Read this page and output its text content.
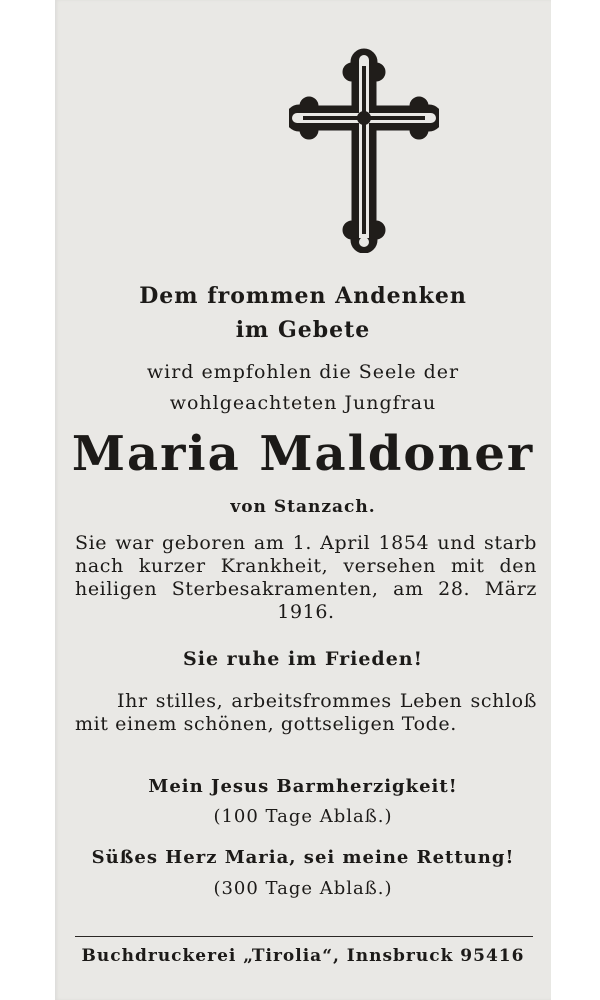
Dem frommen Andenken
im Gebete
wird empfohlen die Seele der
wohlgeachteten Jungfrau
Maria Maldoner
von Stanzach.
Sie war geboren am 1. April 1854 und starb nach kurzer Krankheit, versehen mit den heiligen Sterbesakramenten, am 28. März 1916.
Sie ruhe im Frieden!
Ihr stilles, arbeitsfrommes Leben schloß mit einem schönen, gottseligen Tode.
Mein Jesus Barmherzigkeit!
(100 Tage Ablaß.)
Süßes Herz Maria, sei meine Rettung!
(300 Tage Ablaß.)
Buchdruckerei „Tirolia“, Innsbruck 95416
